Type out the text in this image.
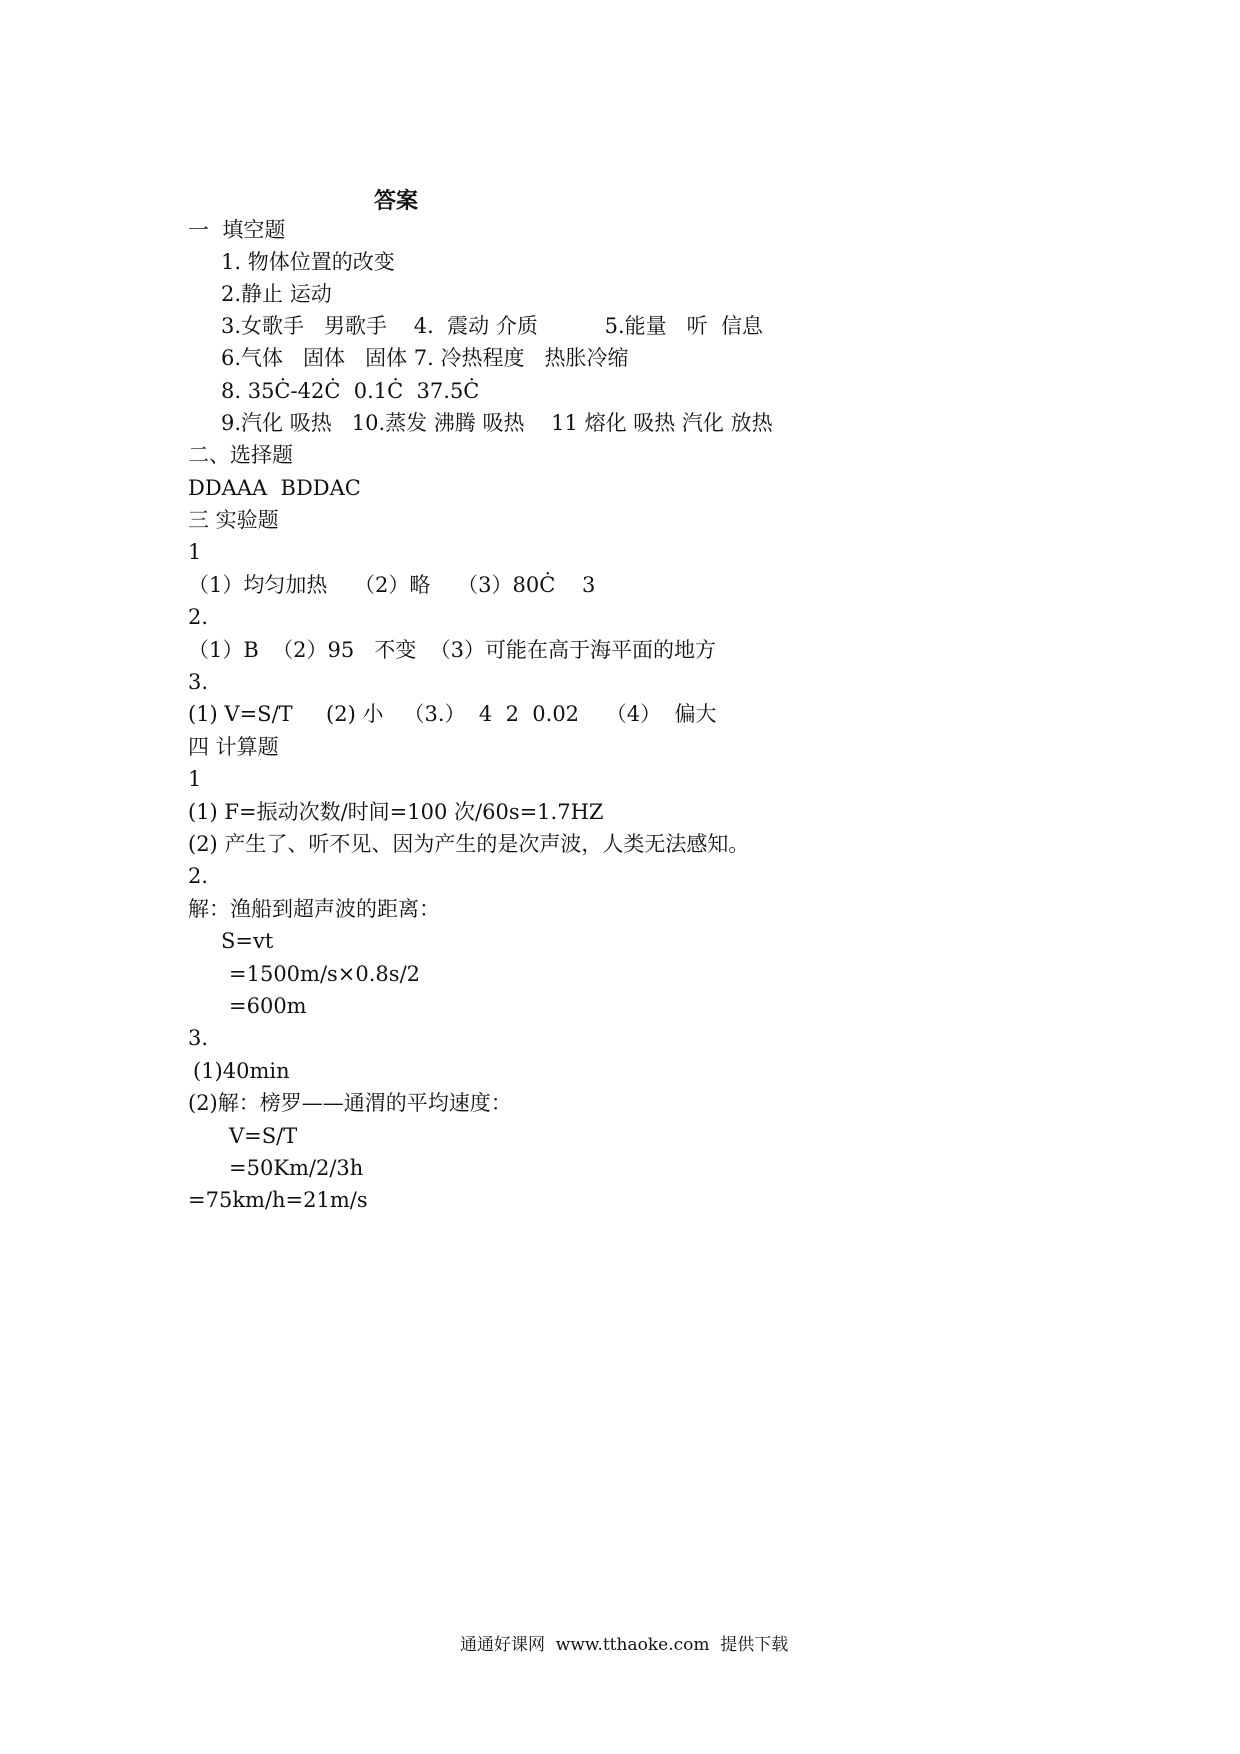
答案
一  填空题
1. 物体位置的改变
2.静止 运动
3.女歌手   男歌手    4.  震动 介质          5.能量   听  信息
6.气体   固体   固体 7. 冷热程度   热胀冷缩
8. 35Ċ-42Ċ  0.1Ċ  37.5Ċ
9.汽化 吸热   10.蒸发 沸腾 吸热    11 熔化 吸热 汽化 放热
二、选择题
DDAAA  BDDAC
三 实验题
1
（1）均匀加热    （2）略    （3）80Ċ    3
2.
（1）B  （2）95   不变  （3）可能在高于海平面的地方
3.
(1) V=S/T     (2) 小   （3.）  4  2  0.02    （4）  偏大
四 计算题
1
(1) F=振动次数/时间=100 次/60s=1.7HZ
(2) 产生了、听不见、因为产生的是次声波，人类无法感知。
2.
解：渔船到超声波的距离：
S=vt
=1500m/s×0.8s/2
=600m
3.
(1)40min
(2)解：榜罗——通渭的平均速度：
V=S/T
=50Km/2/3h
=75km/h=21m/s
通通好课网  www.tthaoke.com  提供下载
